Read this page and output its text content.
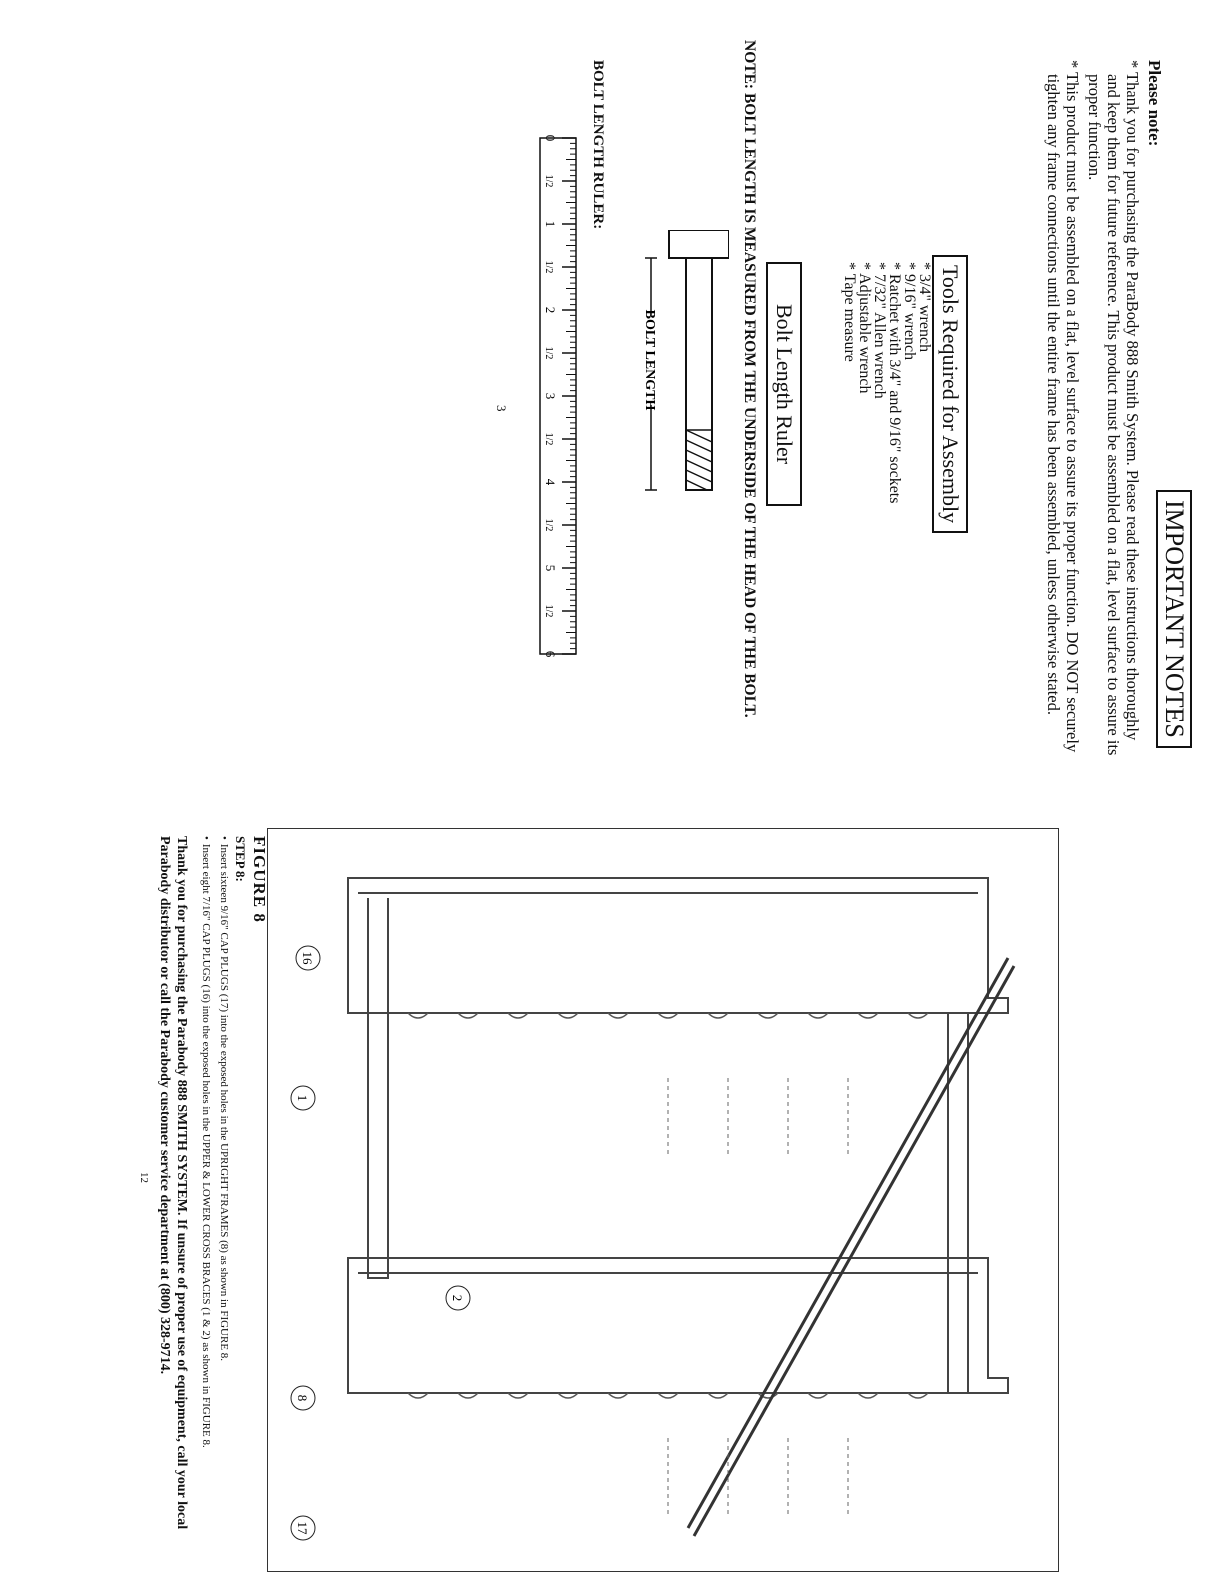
IMPORTANT NOTES
Please note:

* Thank you for purchasing the ParaBody 888 Smith System. Please read these instructions thoroughly and keep them for future reference. This product must be assembled on a flat, level surface to assure its proper function.

* This product must be assembled on a flat, level surface to assure its proper function. DO NOT securely tighten any frame connections until the entire frame has been assembled, unless otherwise stated.

Tools Required for Assembly
* 3/4" wrench
* 9/16" wrench
* Ratchet with 3/4" and 9/16" sockets
* 7/32" Allen wrench
* Adjustable wrench
* Tape measure
Bolt Length Ruler
NOTE: BOLT LENGTH IS MEASURED FROM THE UNDERSIDE OF THE HEAD OF THE BOLT.
BOLT LENGTH
BOLT LENGTH RULER:
0
1/2
1
1/2
2
1/2
3
1/2
4
1/2
5
1/2
6
3
16
1
2
8
17
FIGURE 8
STEP 8:
•Insert sixteen 9/16" CAP PLUGS (17) into the exposed holes in the UPRIGHT FRAMES (8) as shown in FIGURE 8.
•Insert eight 7/16" CAP PLUGS (16) into the exposed holes in the UPPER & LOWER CROSS BRACES (1 & 2) as shown in FIGURE 8.

Thank you for purchasing the Parabody 888 SMITH SYSTEM. If unsure of proper use of equipment, call your local Parabody distributor or call the Parabody customer service department at (800) 328-9714.

12
